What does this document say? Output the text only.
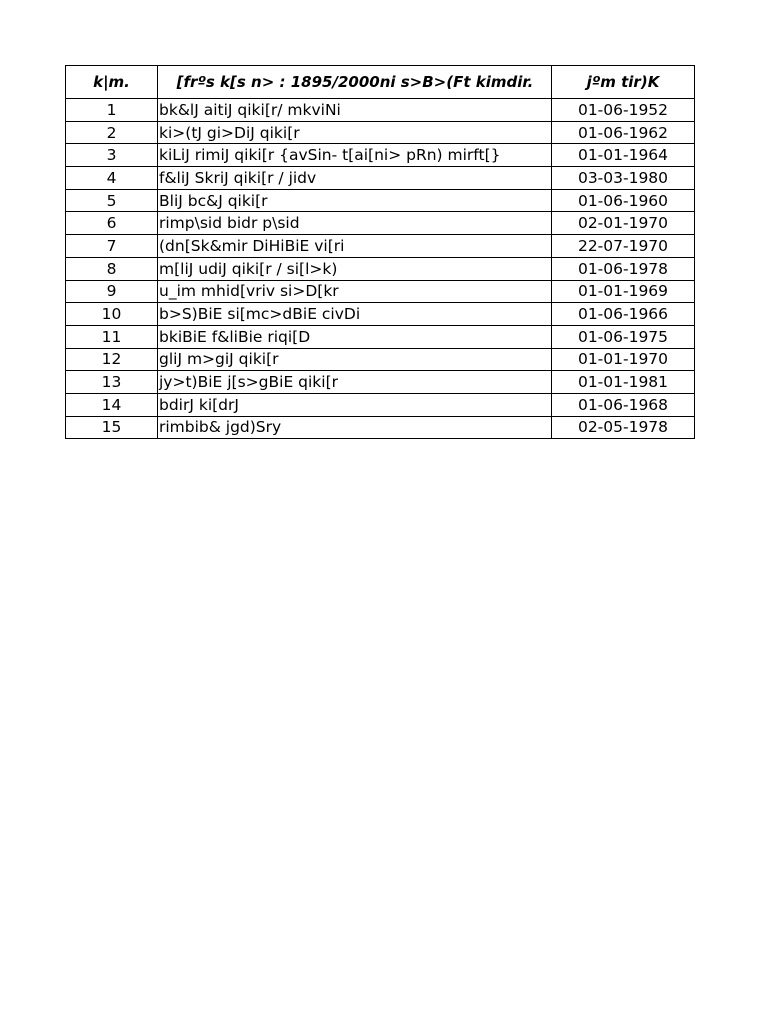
k|m.	[frºs k[s n> : 1895/2000ni s>B>(Ft kimdir.	jºm tir)K
1	bk&lJ aitiJ qiki[r/ mkviNi	01-06-1952
2	ki>(tJ gi>DiJ qiki[r	01-06-1962
3	kiLiJ rimiJ qiki[r {avSin- t[ai[ni> pRn) mirft[}	01-01-1964
4	f&liJ SkriJ qiki[r / jidv	03-03-1980
5	BliJ bc&J qiki[r	01-06-1960
6	rimp\sid bidr p\sid	02-01-1970
7	(dn[Sk&mir DiHiBiE vi[ri	22-07-1970
8	m[liJ udiJ qiki[r / si[l>k)	01-06-1978
9	u_im mhid[vriv si>D[kr	01-01-1969
10	b>S)BiE si[mc>dBiE civDi	01-06-1966
11	bkiBiE f&liBie riqi[D	01-06-1975
12	gliJ m>giJ qiki[r	01-01-1970
13	jy>t)BiE j[s>gBiE qiki[r	01-01-1981
14	bdirJ ki[drJ	01-06-1968
15	rimbib& jgd)Sry	02-05-1978
